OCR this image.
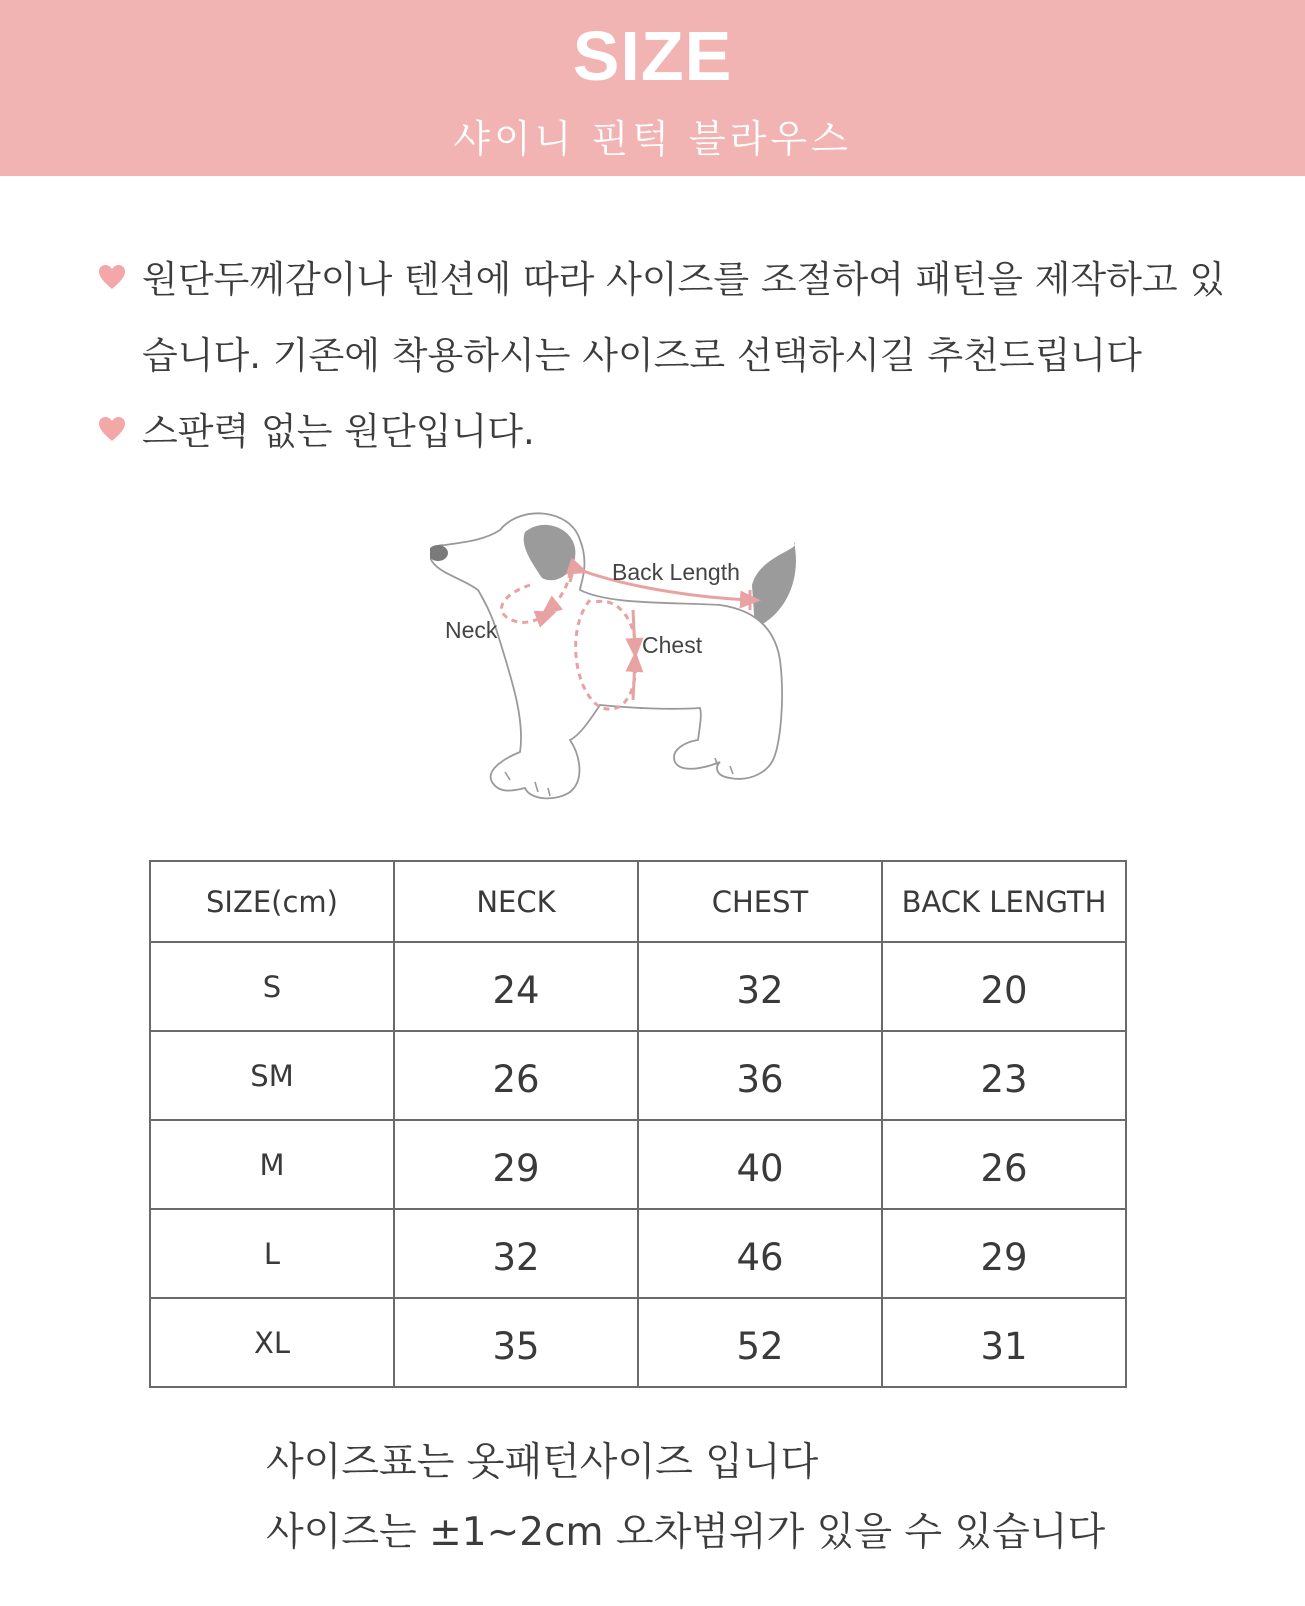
SIZE
샤이니 핀턱 블라우스
원단두께감이나 텐션에 따라 사이즈를 조절하여 패턴을 제작하고 있습니다. 기존에 착용하시는 사이즈로 선택하시길 추천드립니다
스판력 없는 원단입니다.
Back Length
Neck
Chest
SIZE(cm)	NECK	CHEST	BACK LENGTH
S	24	32	20
SM	26	36	23
M	29	40	26
L	32	46	29
XL	35	52	31
사이즈표는 옷패턴사이즈 입니다
사이즈는 ±1~2cm 오차범위가 있을 수 있습니다
